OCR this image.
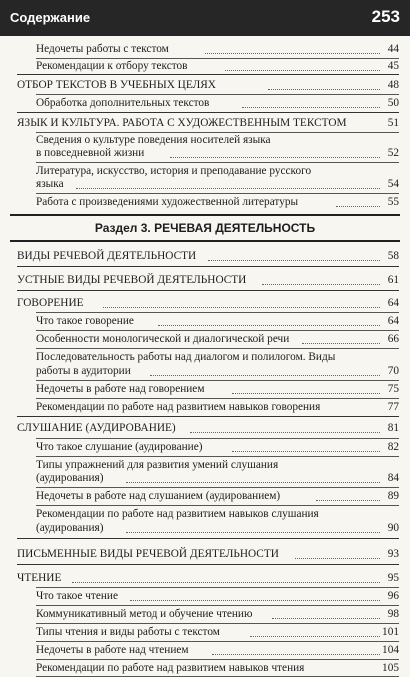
Содержание	253
Недочеты работы с текстом	44
Рекомендации к отбору текстов	45
ОТБОР ТЕКСТОВ В УЧЕБНЫХ ЦЕЛЯХ	48
Обработка дополнительных текстов	50
ЯЗЫК И КУЛЬТУРА. РАБОТА С ХУДОЖЕСТВЕННЫМ ТЕКСТОМ	51
Сведения о культуре поведения носителей языка
в повседневной жизни	52
Литература, искусство, история и преподавание русского
языка	54
Работа с произведениями художественной литературы	55
Раздел 3. РЕЧЕВАЯ ДЕЯТЕЛЬНОСТЬ
ВИДЫ РЕЧЕВОЙ ДЕЯТЕЛЬНОСТИ	58
УСТНЫЕ ВИДЫ РЕЧЕВОЙ ДЕЯТЕЛЬНОСТИ	61
ГОВОРЕНИЕ	64
Что такое говорение	64
Особенности монологической и диалогической речи	66
Последовательность работы над диалогом и полилогом. Виды
работы в аудитории	70
Недочеты в работе над говорением	75
Рекомендации по работе над развитием навыков говорения	77
СЛУШАНИЕ (АУДИРОВАНИЕ)	81
Что такое слушание (аудирование)	82
Типы упражнений для развития умений слушания
(аудирования)	84
Недочеты в работе над слушанием (аудированием)	89
Рекомендации по работе над развитием навыков слушания
(аудирования)	90
ПИСЬМЕННЫЕ ВИДЫ РЕЧЕВОЙ ДЕЯТЕЛЬНОСТИ	93
ЧТЕНИЕ	95
Что такое чтение	96
Коммуникативный метод и обучение чтению	98
Типы чтения и виды работы с текстом	101
Недочеты в работе над чтением	104
Рекомендации по работе над развитием навыков чтения	105
